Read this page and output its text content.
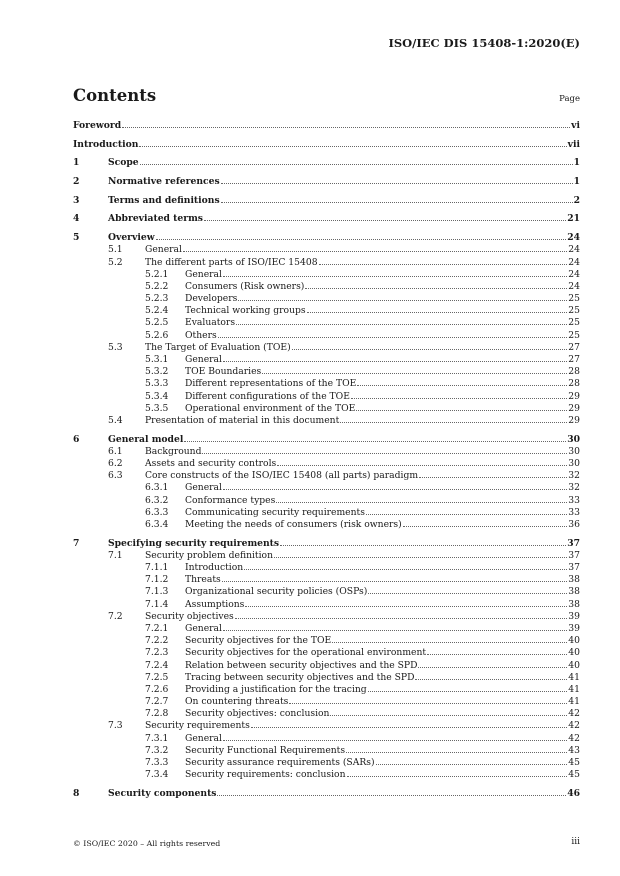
ISO/IEC DIS 15408-1:2020(E)
Contents	Page
Foreword	vi
Introduction	vii
1	Scope	1
2	Normative references	1
3	Terms and definitions	2
4	Abbreviated terms	21
5	Overview	24
5.1 General	24
5.2 The different parts of ISO/IEC 15408	24
5.2.1 General	24
5.2.2 Consumers (Risk owners)	24
5.2.3 Developers	25
5.2.4 Technical working groups	25
5.2.5 Evaluators	25
5.2.6 Others	25
5.3 The Target of Evaluation (TOE)	27
5.3.1 General	27
5.3.2 TOE Boundaries	28
5.3.3 Different representations of the TOE	28
5.3.4 Different configurations of the TOE	29
5.3.5 Operational environment of the TOE	29
5.4 Presentation of material in this document	29
6	General model	30
6.1 Background	30
6.2 Assets and security controls	30
6.3 Core constructs of the ISO/IEC 15408 (all parts) paradigm	32
6.3.1 General	32
6.3.2 Conformance types	33
6.3.3 Communicating security requirements	33
6.3.4 Meeting the needs of consumers (risk owners)	36
7	Specifying security requirements	37
7.1 Security problem definition	37
7.1.1 Introduction	37
7.1.2 Threats	38
7.1.3 Organizational security policies (OSPs)	38
7.1.4 Assumptions	38
7.2 Security objectives	39
7.2.1 General	39
7.2.2 Security objectives for the TOE	40
7.2.3 Security objectives for the operational environment	40
7.2.4 Relation between security objectives and the SPD	40
7.2.5 Tracing between security objectives and the SPD	41
7.2.6 Providing a justification for the tracing	41
7.2.7 On countering threats	41
7.2.8 Security objectives: conclusion	42
7.3 Security requirements	42
7.3.1 General	42
7.3.2 Security Functional Requirements	43
7.3.3 Security assurance requirements (SARs)	45
7.3.4 Security requirements: conclusion	45
8	Security components	46
© ISO/IEC 2020 – All rights reserved	iii
